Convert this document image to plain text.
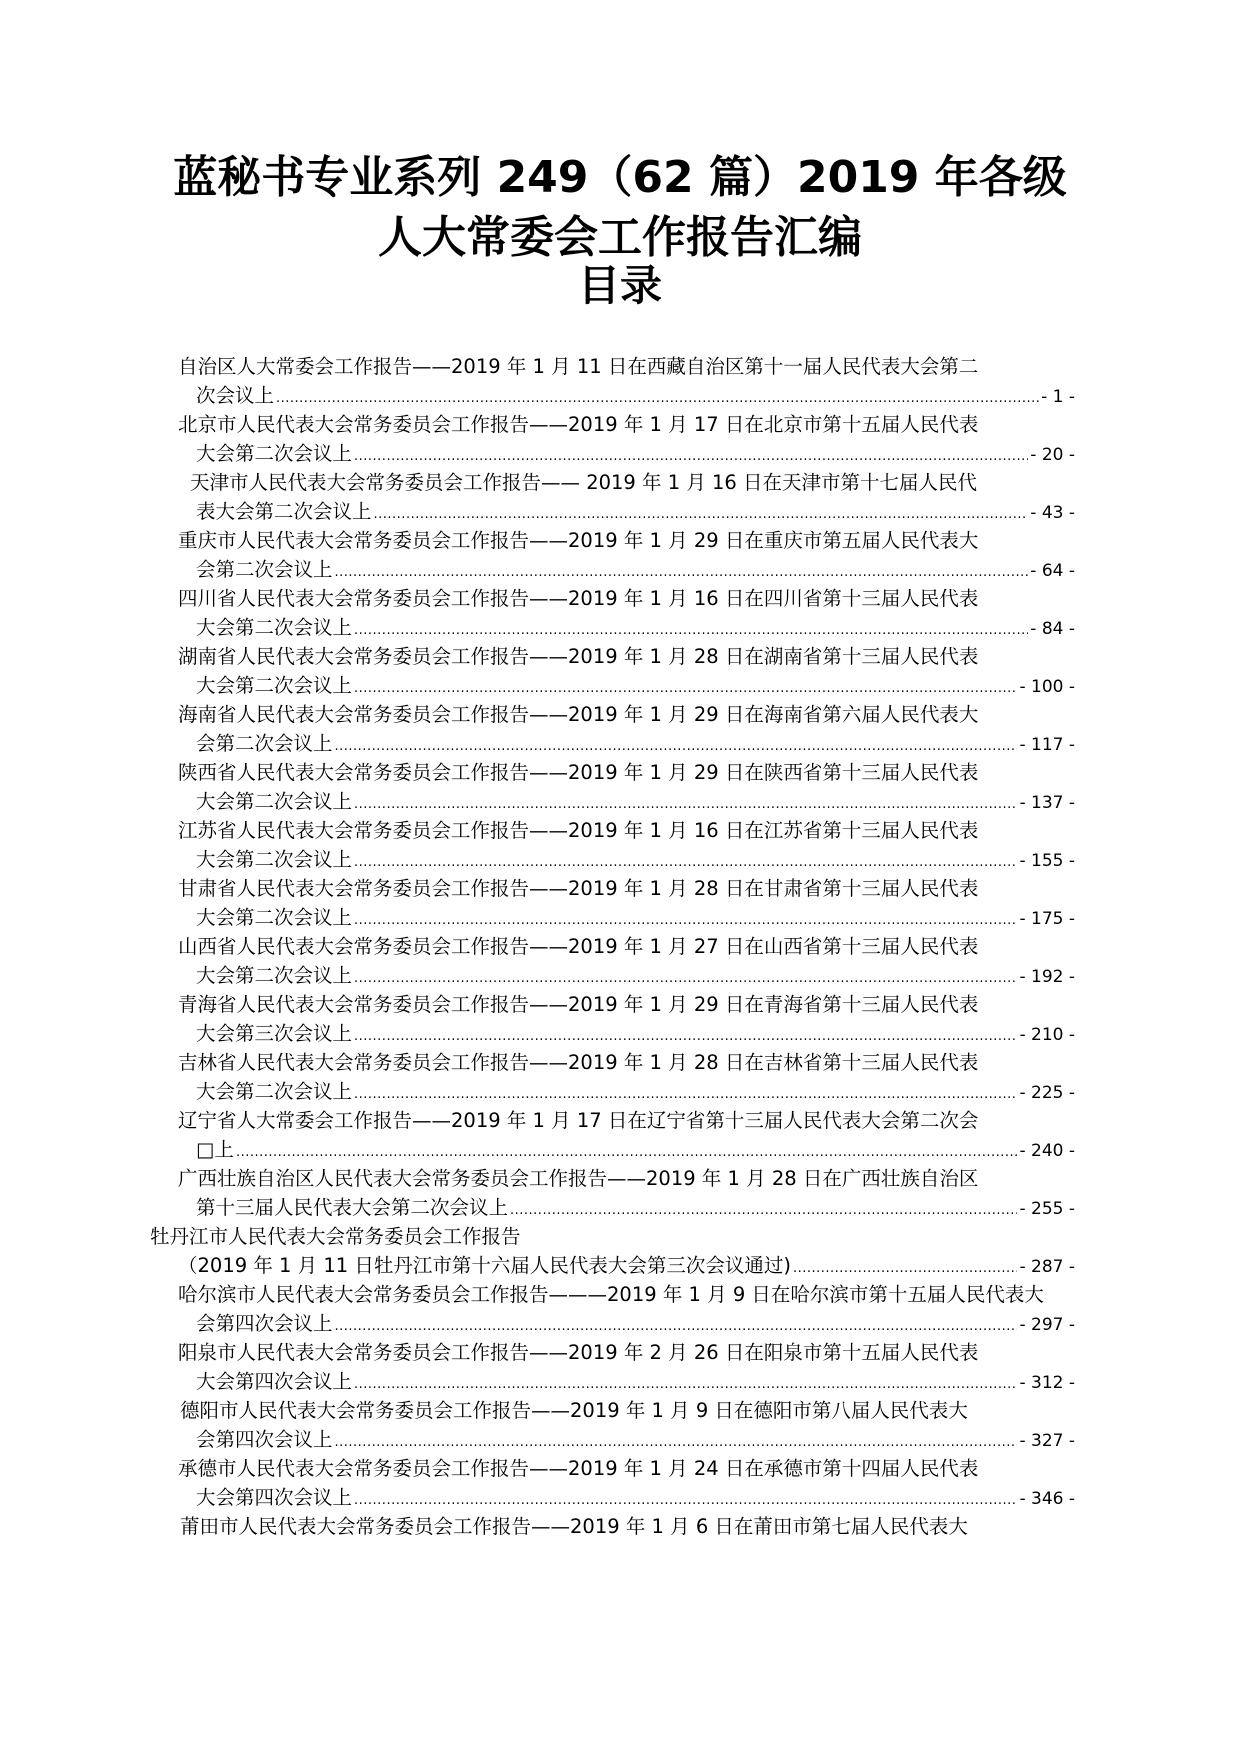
蓝秘书专业系列 249（62 篇）2019 年各级
人大常委会工作报告汇编
目录
自治区人大常委会工作报告——2019 年 1 月 11 日在西藏自治区第十一届人民代表大会第二
次会议上 .....	- 1 -
北京市人民代表大会常务委员会工作报告——2019 年 1 月 17 日在北京市第十五届人民代表
大会第二次会议上 .....	- 20 -
天津市人民代表大会常务委员会工作报告—— 2019 年 1 月 16 日在天津市第十七届人民代
表大会第二次会议上 .....	- 43 -
重庆市人民代表大会常务委员会工作报告——2019 年 1 月 29 日在重庆市第五届人民代表大
会第二次会议上 .....	- 64 -
四川省人民代表大会常务委员会工作报告——2019 年 1 月 16 日在四川省第十三届人民代表
大会第二次会议上 .....	- 84 -
湖南省人民代表大会常务委员会工作报告——2019 年 1 月 28 日在湖南省第十三届人民代表
大会第二次会议上 .....	- 100 -
海南省人民代表大会常务委员会工作报告——2019 年 1 月 29 日在海南省第六届人民代表大
会第二次会议上 .....	- 117 -
陕西省人民代表大会常务委员会工作报告——2019 年 1 月 29 日在陕西省第十三届人民代表
大会第二次会议上 .....	- 137 -
江苏省人民代表大会常务委员会工作报告——2019 年 1 月 16 日在江苏省第十三届人民代表
大会第二次会议上 .....	- 155 -
甘肃省人民代表大会常务委员会工作报告——2019 年 1 月 28 日在甘肃省第十三届人民代表
大会第二次会议上 .....	- 175 -
山西省人民代表大会常务委员会工作报告——2019 年 1 月 27 日在山西省第十三届人民代表
大会第二次会议上 .....	- 192 -
青海省人民代表大会常务委员会工作报告——2019 年 1 月 29 日在青海省第十三届人民代表
大会第三次会议上 .....	- 210 -
吉林省人民代表大会常务委员会工作报告——2019 年 1 月 28 日在吉林省第十三届人民代表
大会第二次会议上 .....	- 225 -
辽宁省人大常委会工作报告——2019 年 1 月 17 日在辽宁省第十三届人民代表大会第二次会
□上 .....	- 240 -
广西壮族自治区人民代表大会常务委员会工作报告——2019 年 1 月 28 日在广西壮族自治区
第十三届人民代表大会第二次会议上 .....	- 255 -
牡丹江市人民代表大会常务委员会工作报告
（2019 年 1 月 11 日牡丹江市第十六届人民代表大会第三次会议通过) .....	- 287 -
哈尔滨市人民代表大会常务委员会工作报告———2019 年 1 月 9 日在哈尔滨市第十五届人民代表大
会第四次会议上 .....	- 297 -
阳泉市人民代表大会常务委员会工作报告——2019 年 2 月 26 日在阳泉市第十五届人民代表
大会第四次会议上 .....	- 312 -
德阳市人民代表大会常务委员会工作报告——2019 年 1 月 9 日在德阳市第八届人民代表大
会第四次会议上 .....	- 327 -
承德市人民代表大会常务委员会工作报告——2019 年 1 月 24 日在承德市第十四届人民代表
大会第四次会议上 .....	- 346 -
莆田市人民代表大会常务委员会工作报告——2019 年 1 月 6 日在莆田市第七届人民代表大
